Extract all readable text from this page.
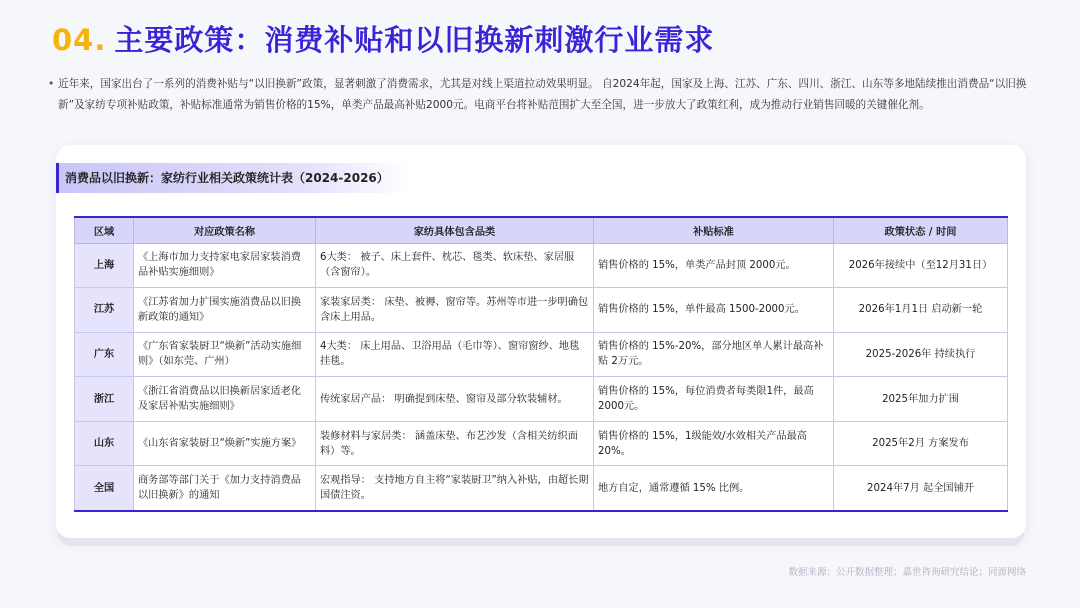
04. 主要政策：消费补贴和以旧换新刺激行业需求
• 近年来，国家出台了一系列的消费补贴与“以旧换新”政策，显著刺激了消费需求，尤其是对线上渠道拉动效果明显。 自2024年起，国家及上海、江苏、广东、四川、浙江、山东等多地陆续推出消费品“以旧换新”及家纺专项补贴政策，补贴标准通常为销售价格的15%，单类产品最高补贴2000元。电商平台将补贴范围扩大至全国，进一步放大了政策红利，成为推动行业销售回暖的关键催化剂。
消费品以旧换新：家纺行业相关政策统计表（2024-2026）
区域	对应政策名称	家纺具体包含品类	补贴标准	政策状态 / 时间
上海	《上海市加力支持家电家居家装消费品补贴实施细则》	6大类： 被子、床上套件、枕芯、毯类、软床垫、家居服（含窗帘）。	销售价格的 15%，单类产品封顶 2000元。	2026年接续中（至12月31日）
江苏	《江苏省加力扩围实施消费品以旧换新政策的通知》	家装家居类： 床垫、被褥、窗帘等。苏州等市进一步明确包含床上用品。	销售价格的 15%，单件最高 1500-2000元。	2026年1月1日 启动新一轮
广东	《广东省家装厨卫“焕新”活动实施细则》（如东莞、广州）	4大类： 床上用品、卫浴用品（毛巾等）、窗帘窗纱、地毯挂毯。	销售价格的 15%-20%，部分地区单人累计最高补贴 2万元。	2025-2026年 持续执行
浙江	《浙江省消费品以旧换新居家适老化及家居补贴实施细则》	传统家居产品： 明确提到床垫、窗帘及部分软装辅材。	销售价格的 15%，每位消费者每类限1件，最高 2000元。	2025年加力扩围
山东	《山东省家装厨卫“焕新”实施方案》	装修材料与家居类： 涵盖床垫、布艺沙发（含相关纺织面料）等。	销售价格的 15%，1级能效/水效相关产品最高 20%。	2025年2月 方案发布
全国	商务部等部门关于《加力支持消费品以旧换新》的通知	宏观指导： 支持地方自主将“家装厨卫”纳入补贴，由超长期国债注资。	地方自定，通常遵循 15% 比例。	2024年7月 起全国铺开
数据来源：公开数据整理；嘉世咨询研究结论；同源网络
